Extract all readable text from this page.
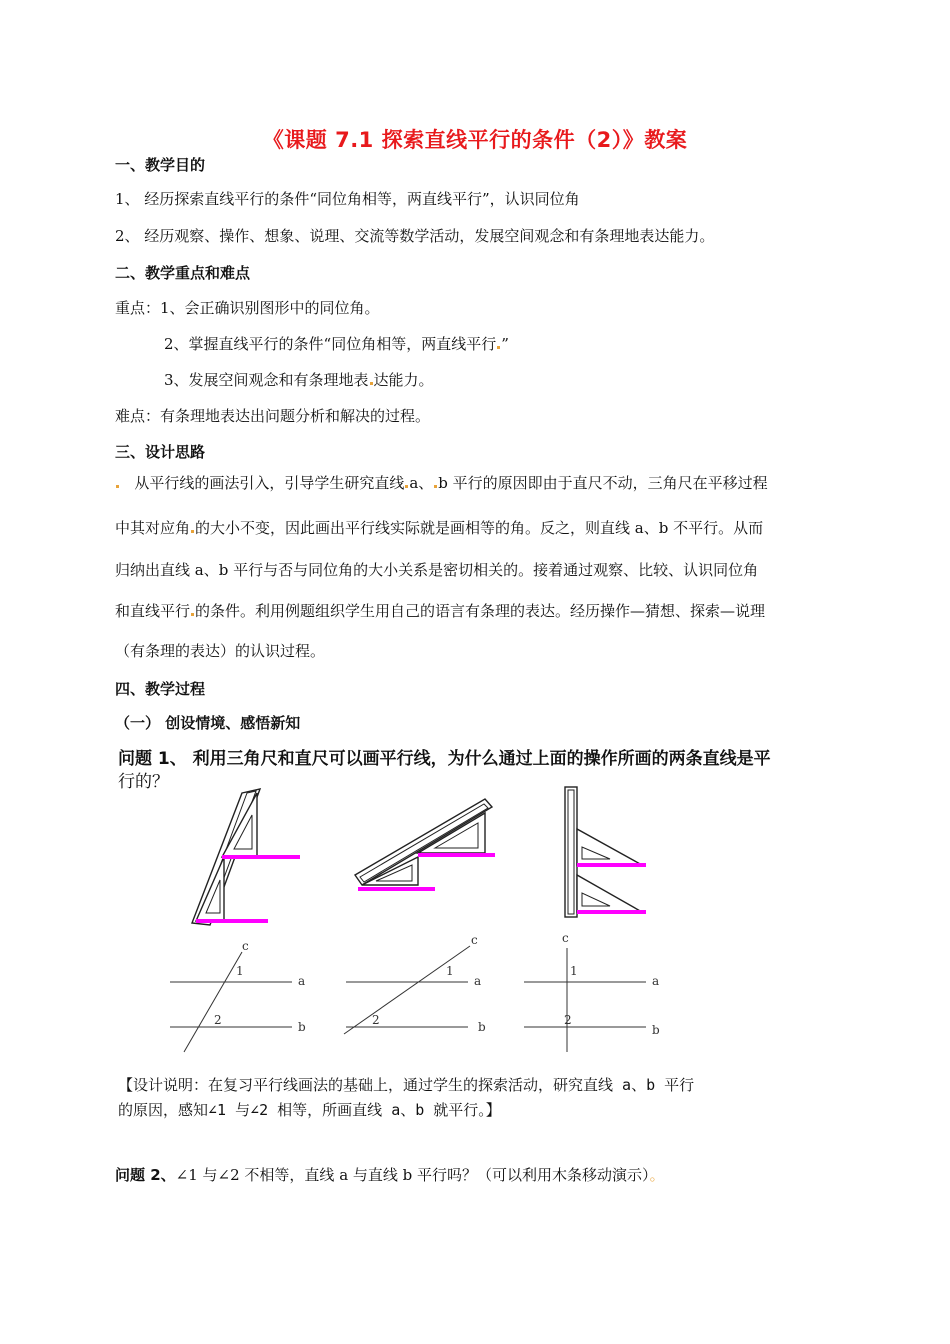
《课题 7.1 探索直线平行的条件（2）》教案
一、教学目的
1、 经历探索直线平行的条件“同位角相等，两直线平行”，认识同位角
2、 经历观察、操作、想象、说理、交流等数学活动，发展空间观念和有条理地表达能力。
二、教学重点和难点
重点：1、会正确识别图形中的同位角。
2、掌握直线平行的条件“同位角相等，两直线平行 ”
3、发展空间观念和有条理地表 达能力。
难点：有条理地表达出问题分析和解决的过程。
三、设计思路
从平行线的画法引入，引导学生研究直线 a、 b 平行的原因即由于直尺不动，三角尺在平移过程
中其对应角 的大小不变，因此画出平行线实际就是画相等的角。反之，则直线 a、b 不平行。从而
归纳出直线 a、b 平行与否与同位角的大小关系是密切相关的。接着通过观察、比较、认识同位角
和直线平行 的条件。利用例题组织学生用自己的语言有条理的表达。经历操作—猜想、探索—说理
（有条理的表达）的认识过程。
四、教学过程
（一） 创设情境、感悟新知
问题 1、 利用三角尺和直尺可以画平行线，为什么通过上面的操作所画的两条直线是平
行的？
c
1
2
a
b
c
1
2
a
b
c
1
2
a
b
【设计说明：在复习平行线画法的基础上，通过学生的探索活动，研究直线 a、b 平行
的原因，感知∠1 与∠2 相等，所画直线 a、b 就平行。】
问题 2、∠1 与∠2 不相等，直线 a 与直线 b 平行吗？（可以利用木条移动演示）。
